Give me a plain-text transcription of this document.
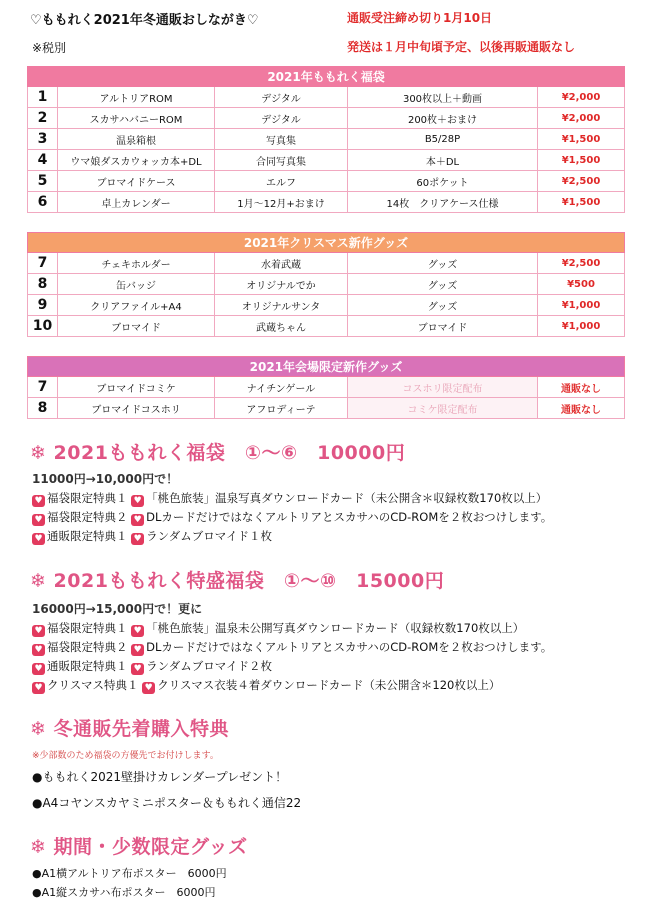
♡ももれく2021年冬通販おしながき♡
※税別
通販受注締め切り1月10日
発送は１月中旬頃予定、以後再販通販なし
2021年ももれく福袋				
1	アルトリアROM	デジタル	300枚以上＋動画	¥2,000
2	スカサハバニーROM	デジタル	200枚＋おまけ	¥2,000
3	温泉箱根	写真集	B5/28P	¥1,500
4	ウマ娘ダスカウォッカ本+DL	合同写真集	本＋DL	¥1,500
5	ブロマイドケース	エルフ	60ポケット	¥2,500
6	卓上カレンダー	1月〜12月+おまけ	14枚　クリアケース仕様	¥1,500
2021年クリスマス新作グッズ				
7	チェキホルダー	水着武蔵	グッズ	¥2,500
8	缶バッジ	オリジナルでか	グッズ	¥500
9	クリアファイル+A4	オリジナルサンタ	グッズ	¥1,000
10	ブロマイド	武蔵ちゃん	ブロマイド	¥1,000
2021年会場限定新作グッズ				
7	ブロマイドコミケ	ナイチンゲール	コスホリ限定配布	通販なし
8	ブロマイドコスホリ	アフロディーテ	コミケ限定配布	通販なし
❄ 2021ももれく福袋　①〜⑥　10000円
11000円→10,000円で！
♥ 福袋限定特典１ ♥ 「桃色旅装」温泉写真ダウンロードカード（未公開含＊収録枚数170枚以上）
♥ 福袋限定特典２ ♥ DLカードだけではなくアルトリアとスカサハのCD-ROMを２枚おつけします。
♥ 通販限定特典１ ♥ ランダムブロマイド１枚
❄ 2021ももれく特盛福袋　①〜⑩　15000円
16000円→15,000円で！更に
♥ 福袋限定特典１ ♥ 「桃色旅装」温泉未公開写真ダウンロードカード（収録枚数170枚以上）
♥ 福袋限定特典２ ♥ DLカードだけではなくアルトリアとスカサハのCD-ROMを２枚おつけします。
♥ 通販限定特典１ ♥ ランダムブロマイド２枚
♥ クリスマス特典１ ♥ クリスマス衣装４着ダウンロードカード（未公開含＊120枚以上）
❄ 冬通販先着購入特典
※少部数のため福袋の方優先でお付けします。
●ももれく2021壁掛けカレンダープレゼント！
●A4コヤンスカヤミニポスター＆ももれく通信22
❄ 期間・少数限定グッズ
●A1横アルトリア布ポスター　6000円
●A1縦スカサハ布ポスター　6000円
